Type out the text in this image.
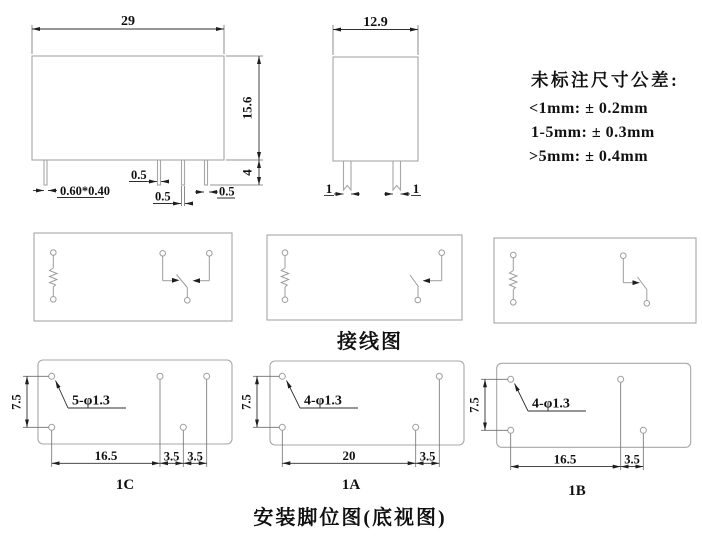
29
15.6
4
0.60*0.40
0.5
0.5	0.5
12.9
1	1
未标注尺寸公差:
<1mm: ± 0.2mm
1-5mm: ± 0.3mm
>5mm: ± 0.4mm
接线图
5-φ1.3
7.5
16.5	3.5 3.5
1C
4-φ1.3
7.5
20	3.5
1A
4-φ1.3
7.5
16.5	3.5
1B
安装脚位图(底视图)
